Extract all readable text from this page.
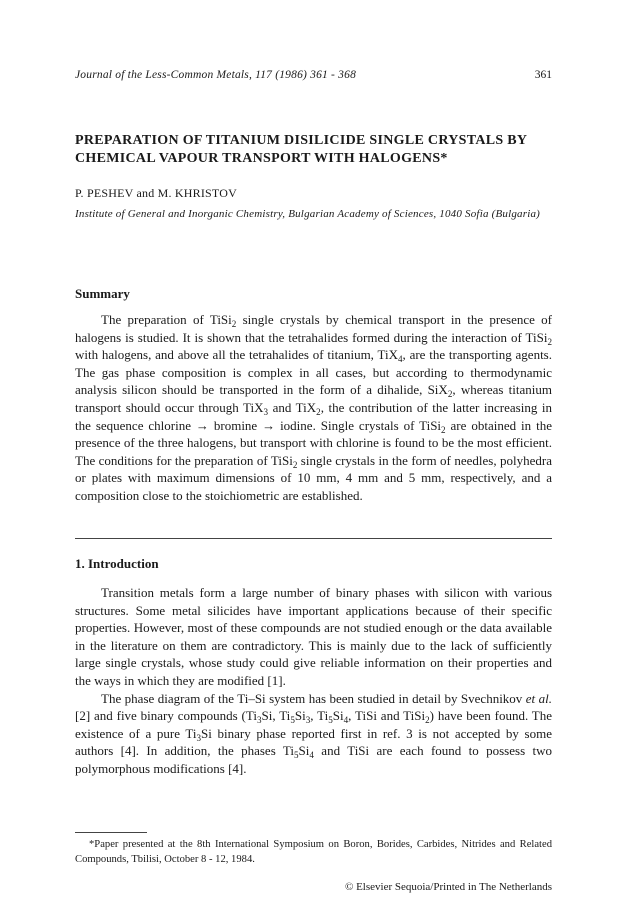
Journal of the Less-Common Metals, 117 (1986) 361 - 368	361
PREPARATION OF TITANIUM DISILICIDE SINGLE CRYSTALS BY
CHEMICAL VAPOUR TRANSPORT WITH HALOGENS*
P. PESHEV and M. KHRISTOV
Institute of General and Inorganic Chemistry, Bulgarian Academy of Sciences, 1040 Sofia (Bulgaria)
Summary

The preparation of TiSi$_2$ single crystals by chemical transport in the presence of halogens is studied. It is shown that the tetrahalides formed during the interaction of TiSi$_2$ with halogens, and above all the tetrahalides of titanium, TiX$_4$, are the transporting agents. The gas phase composition is complex in all cases, but according to thermodynamic analysis silicon should be transported in the form of a dihalide, SiX$_2$, whereas titanium transport should occur through TiX$_3$ and TiX$_2$, the contribution of the latter increasing in the sequence chlorine → bromine → iodine. Single crystals of TiSi$_2$ are obtained in the presence of the three halogens, but transport with chlorine is found to be the most efficient. The conditions for the preparation of TiSi$_2$ single crystals in the form of needles, polyhedra or plates with maximum dimensions of 10 mm, 4 mm and 5 mm, respectively, and a composition close to the stoichiometric are established.

1. Introduction

Transition metals form a large number of binary phases with silicon with various structures. Some metal silicides have important applications because of their specific properties. However, most of these compounds are not studied enough or the data available in the literature on them are contradictory. This is mainly due to the lack of sufficiently large single crystals, whose study could give reliable information on their properties and the ways in which they are modified [1].

The phase diagram of the Ti–Si system has been studied in detail by Svechnikov et al. [2] and five binary compounds ($Ti_3Si$, $Ti_5Si_3$, $Ti_5Si_4$, TiSi and TiSi$_2$) have been found. The existence of a pure $Ti_3Si$ binary phase reported first in ref. 3 is not accepted by some authors [4]. In addition, the phases $Ti_5Si_4$ and TiSi are each found to possess two polymorphous modifications [4].

*Paper presented at the 8th International Symposium on Boron, Borides, Carbides, Nitrides and Related Compounds, Tbilisi, October 8 - 12, 1984.

© Elsevier Sequoia/Printed in The Netherlands
